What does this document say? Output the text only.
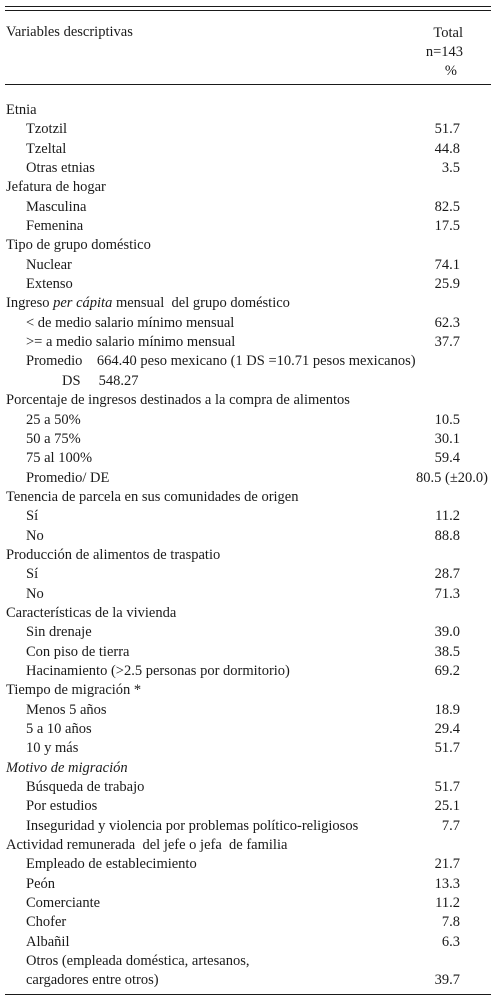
Variables descriptivas	Total
n=143
%
Etnia
Tzotzil	51.7
Tzeltal	44.8
Otras etnias	3.5
Jefatura de hogar
Masculina	82.5
Femenina	17.5
Tipo de grupo doméstico
Nuclear	74.1
Extenso	25.9
Ingreso per cápita mensual  del grupo doméstico
< de medio salario mínimo mensual	62.3
>= a medio salario mínimo mensual	37.7
Promedio    664.40 peso mexicano (1 DS =10.71 pesos mexicanos)
DS     548.27
Porcentaje de ingresos destinados a la compra de alimentos
25 a 50%	10.5
50 a 75%	30.1
75 al 100%	59.4
Promedio/ DE	80.5 (±20.0)
Tenencia de parcela en sus comunidades de origen
Sí	11.2
No	88.8
Producción de alimentos de traspatio
Sí	28.7
No	71.3
Características de la vivienda
Sin drenaje	39.0
Con piso de tierra	38.5
Hacinamiento (>2.5 personas por dormitorio)	69.2
Tiempo de migración *
Menos 5 años	18.9
5 a 10 años	29.4
10 y más	51.7
Motivo de migración
Búsqueda de trabajo	51.7
Por estudios	25.1
Inseguridad y violencia por problemas político-religiosos	7.7
Actividad remunerada  del jefe o jefa  de familia
Empleado de establecimiento	21.7
Peón	13.3
Comerciante	11.2
Chofer	7.8
Albañil	6.3
Otros (empleada doméstica, artesanos,
cargadores entre otros)	39.7
